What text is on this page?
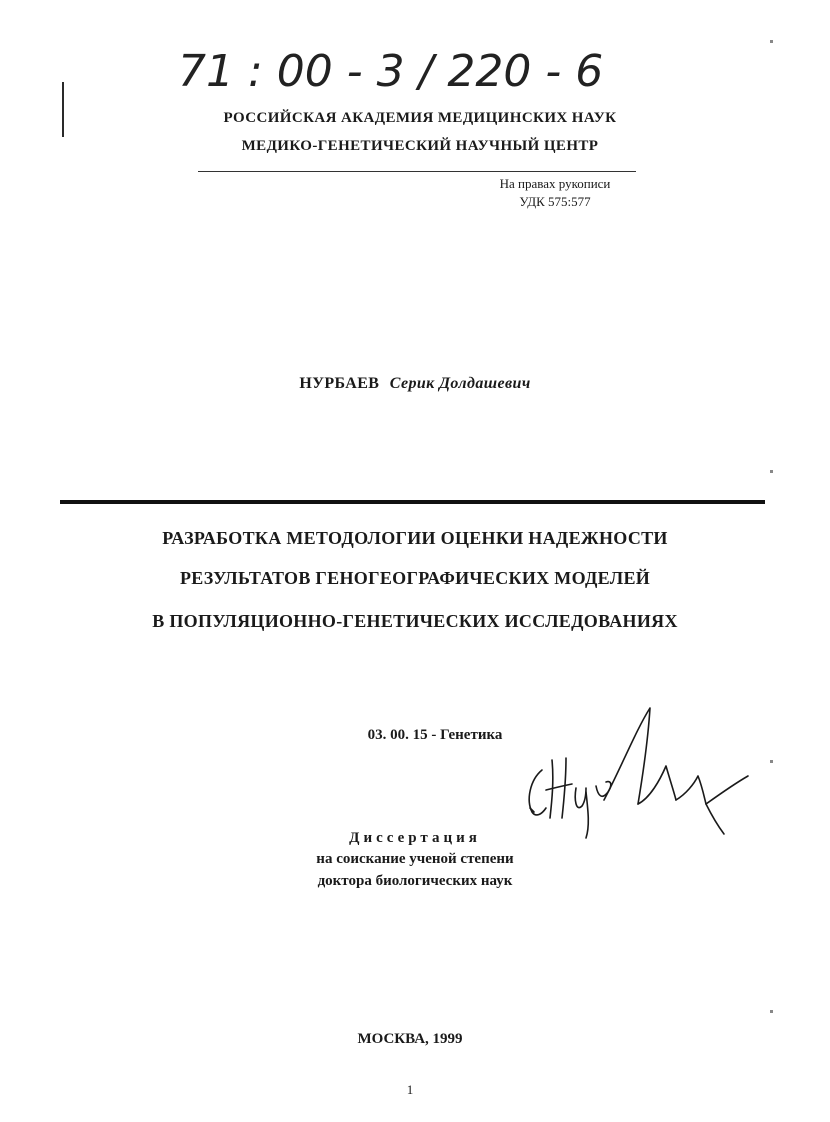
71 : 00 - 3 / 220 - 6
РОССИЙСКАЯ АКАДЕМИЯ МЕДИЦИНСКИХ НАУК
МЕДИКО-ГЕНЕТИЧЕСКИЙ НАУЧНЫЙ ЦЕНТР
На правах рукописи
УДК 575:577
НУРБАЕВ Серик Долдашевич
РАЗРАБОТКА МЕТОДОЛОГИИ ОЦЕНКИ НАДЕЖНОСТИ
РЕЗУЛЬТАТОВ ГЕНОГЕОГРАФИЧЕСКИХ МОДЕЛЕЙ
В ПОПУЛЯЦИОННО-ГЕНЕТИЧЕСКИХ ИССЛЕДОВАНИЯХ
03. 00. 15 - Генетика
Диссертация
на соискание ученой степени
доктора биологических наук
МОСКВА, 1999
1
